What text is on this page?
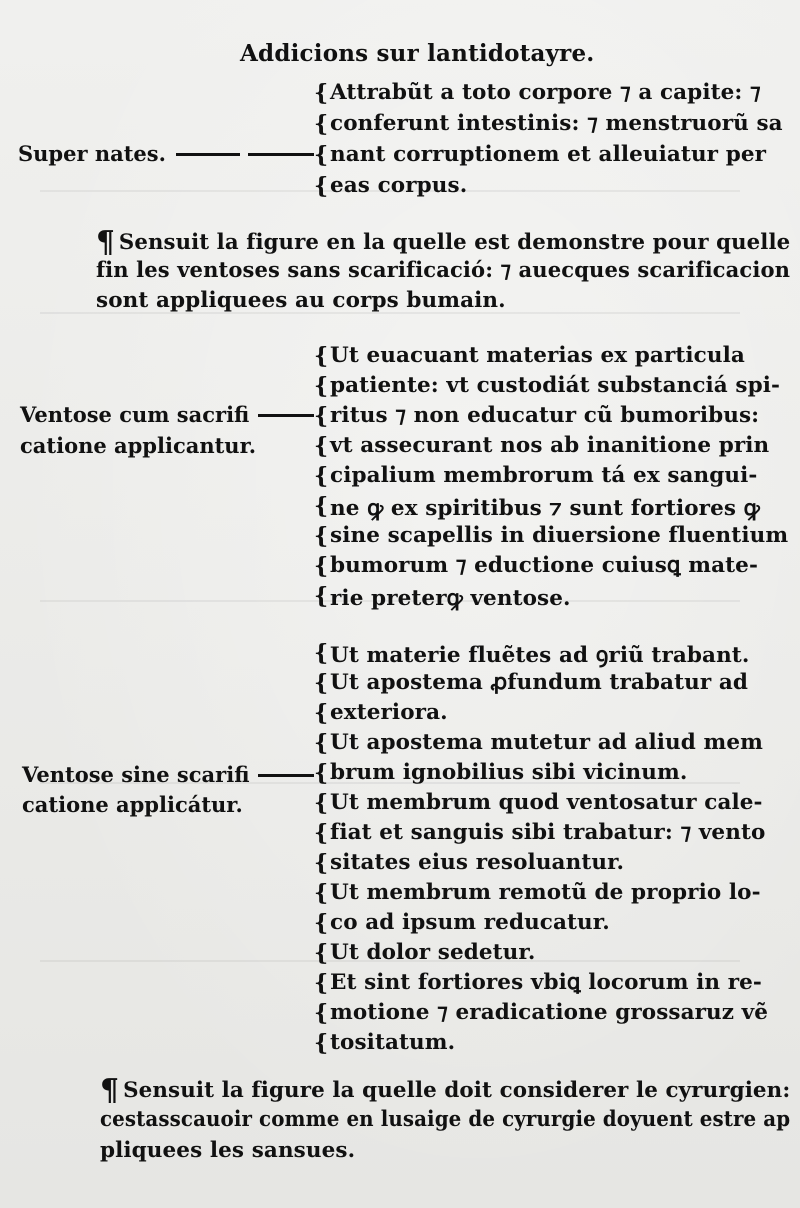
Addicions sur lantidotayre.
Super nates.
{
{
{
{
Attrabũt a toto corpore ⁊ a capite: ⁊
conferunt intestinis: ⁊ menstruorũ sa
nant corruptionem et alleuiatur per
eas corpus.
¶ Sensuit la figure en la quelle est demonstre pour quelle
fin les ventoses sans scarificació: ⁊ auecques scarificacion
sont appliquees au corps bumain.
Ventose cum sacrifi
catione applicantur.
{
{
{
{
{
{
{
{
{
Ut euacuant materias ex particula
patiente: vt custodiát substanciá spi-
ritus ⁊ non educatur cũ bumoribus:
vt assecurant nos ab inanitione prin
cipalium membrorum tá ex sangui-
ne ꝙ ex spiritibus ⁊ sunt fortiores ꝙ
sine scapellis in diuersione fluentium
bumorum ⁊ eductione cuiusꝗ mate-
rie preterꝙ ventose.
Ventose sine scarifi
catione applicátur.
{
{
{
{
{
{
{
{
{
{
{
{
{
{
Ut materie fluẽtes ad ꝯriũ trabant.
Ut apostema ꝓfundum trabatur ad
exteriora.
Ut apostema mutetur ad aliud mem
brum ignobilius sibi vicinum.
Ut membrum quod ventosatur cale-
fiat et sanguis sibi trabatur: ⁊ vento
sitates eius resoluantur.
Ut membrum remotũ de proprio lo-
co ad ipsum reducatur.
Ut dolor sedetur.
Et sint fortiores vbiꝗ locorum in re-
motione ⁊ eradicatione grossaruz vẽ
tositatum.
¶ Sensuit la figure la quelle doit considerer le cyrurgien:
cestasscauoir comme en lusaige de cyrurgie doyuent estre ap
pliquees les sansues.
